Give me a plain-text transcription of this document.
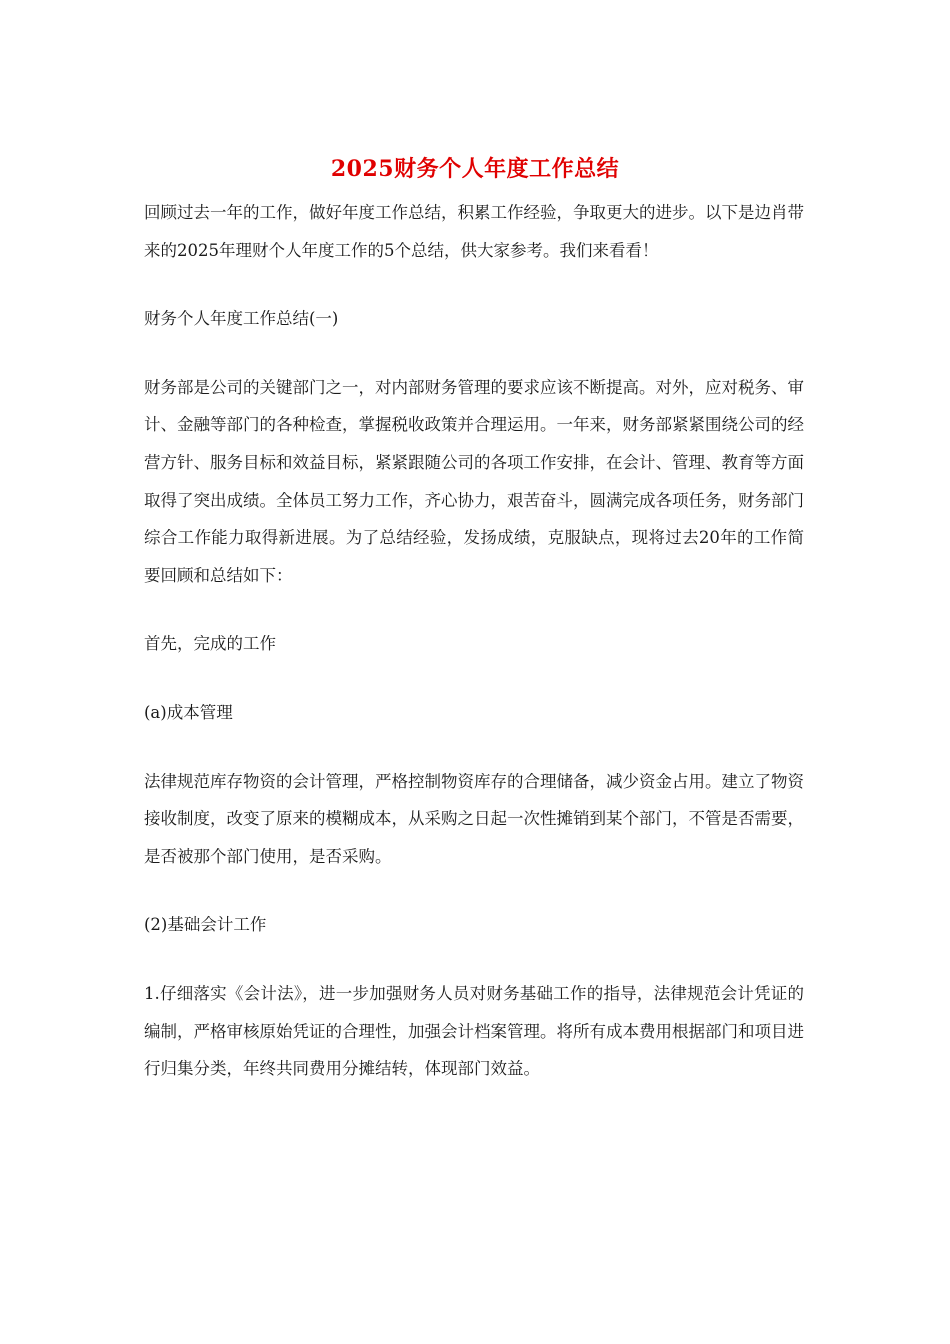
2025财务个人年度工作总结

回顾过去一年的工作，做好年度工作总结，积累工作经验，争取更大的进步。以下是边肖带来的2025年理财个人年度工作的5个总结，供大家参考。我们来看看！

财务个人年度工作总结(一)

财务部是公司的关键部门之一，对内部财务管理的要求应该不断提高。对外，应对税务、审计、金融等部门的各种检查，掌握税收政策并合理运用。一年来，财务部紧紧围绕公司的经营方针、服务目标和效益目标，紧紧跟随公司的各项工作安排，在会计、管理、教育等方面取得了突出成绩。全体员工努力工作，齐心协力，艰苦奋斗，圆满完成各项任务，财务部门综合工作能力取得新进展。为了总结经验，发扬成绩，克服缺点，现将过去20年的工作简要回顾和总结如下：

首先，完成的工作

(a)成本管理

法律规范库存物资的会计管理，严格控制物资库存的合理储备，减少资金占用。建立了物资接收制度，改变了原来的模糊成本，从采购之日起一次性摊销到某个部门，不管是否需要，是否被那个部门使用，是否采购。

(2)基础会计工作

1.仔细落实《会计法》，进一步加强财务人员对财务基础工作的指导，法律规范会计凭证的编制，严格审核原始凭证的合理性，加强会计档案管理。将所有成本费用根据部门和项目进行归集分类，年终共同费用分摊结转，体现部门效益。
